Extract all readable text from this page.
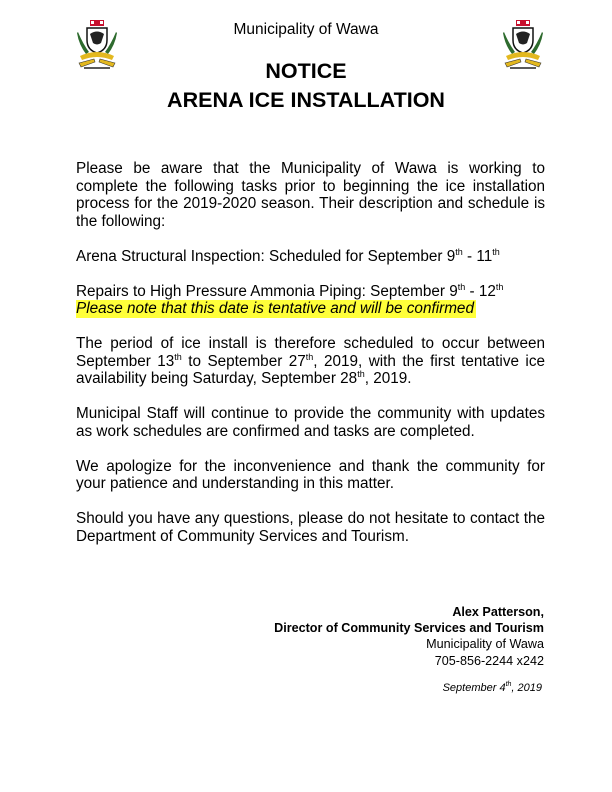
Municipality of Wawa
NOTICE
ARENA ICE INSTALLATION

Please be aware that the Municipality of Wawa is working to complete the following tasks prior to beginning the ice installation process for the 2019-2020 season. Their description and schedule is the following:

Arena Structural Inspection: Scheduled for September 9th - 11th

Repairs to High Pressure Ammonia Piping: September 9th - 12th
Please note that this date is tentative and will be confirmed

The period of ice install is therefore scheduled to occur between September 13th to September 27th, 2019, with the first tentative ice availability being Saturday, September 28th, 2019.

Municipal Staff will continue to provide the community with updates as work schedules are confirmed and tasks are completed.

We apologize for the inconvenience and thank the community for your patience and understanding in this matter.

Should you have any questions, please do not hesitate to contact the Department of Community Services and Tourism.

Alex Patterson,
Director of Community Services and Tourism
Municipality of Wawa
705-856-2244 x242
September 4th, 2019
